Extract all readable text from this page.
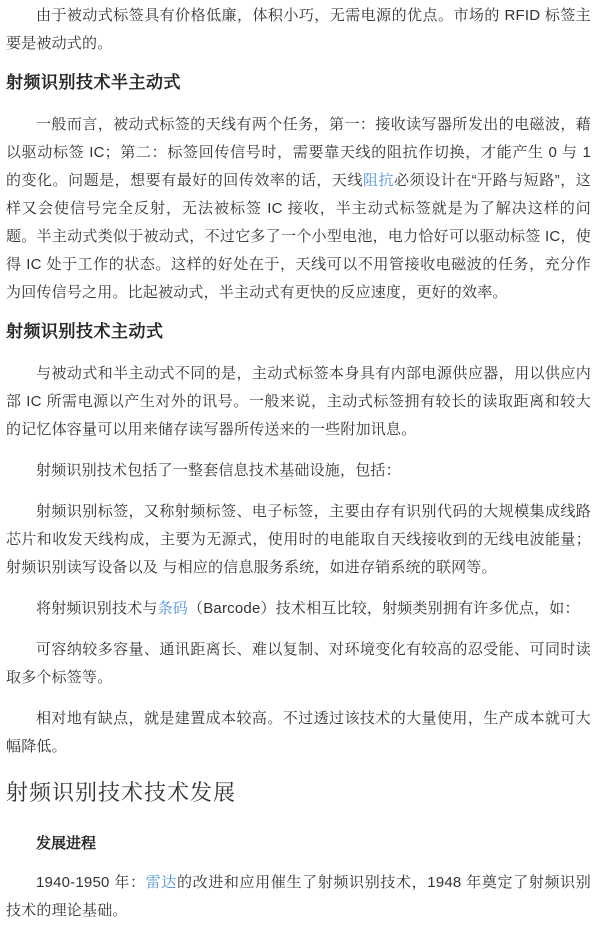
由于被动式标签具有价格低廉，体积小巧，无需电源的优点。市场的 RFID 标签主要是被动式的。

射频识别技术半主动式

一般而言，被动式标签的天线有两个任务，第一：接收读写器所发出的电磁波，藉以驱动标签 IC；第二：标签回传信号时，需要靠天线的阻抗作切换，才能产生 0 与 1 的变化。问题是，想要有最好的回传效率的话，天线阻抗必须设计在“开路与短路”，这样又会使信号完全反射，无法被标签 IC 接收，半主动式标签就是为了解决这样的问题。半主动式类似于被动式，不过它多了一个小型电池，电力恰好可以驱动标签 IC，使得 IC 处于工作的状态。这样的好处在于，天线可以不用管接收电磁波的任务，充分作为回传信号之用。比起被动式，半主动式有更快的反应速度，更好的效率。

射频识别技术主动式

与被动式和半主动式不同的是，主动式标签本身具有内部电源供应器，用以供应内部 IC 所需电源以产生对外的讯号。一般来说，主动式标签拥有较长的读取距离和较大的记忆体容量可以用来储存读写器所传送来的一些附加讯息。

射频识别技术包括了一整套信息技术基础设施，包括：

射频识别标签，又称射频标签、电子标签，主要由存有识别代码的大规模集成线路芯片和收发天线构成，主要为无源式，使用时的电能取自天线接收到的无线电波能量；射频识别读写设备以及 与相应的信息服务系统，如进存销系统的联网等。

将射频识别技术与条码（Barcode）技术相互比较，射频类别拥有许多优点，如：

可容纳较多容量、通讯距离长、难以复制、对环境变化有较高的忍受能、可同时读取多个标签等。

相对地有缺点，就是建置成本较高。不过透过该技术的大量使用，生产成本就可大幅降低。

射频识别技术技术发展
发展进程

1940-1950 年：雷达的改进和应用催生了射频识别技术，1948 年奠定了射频识别技术的理论基础。
